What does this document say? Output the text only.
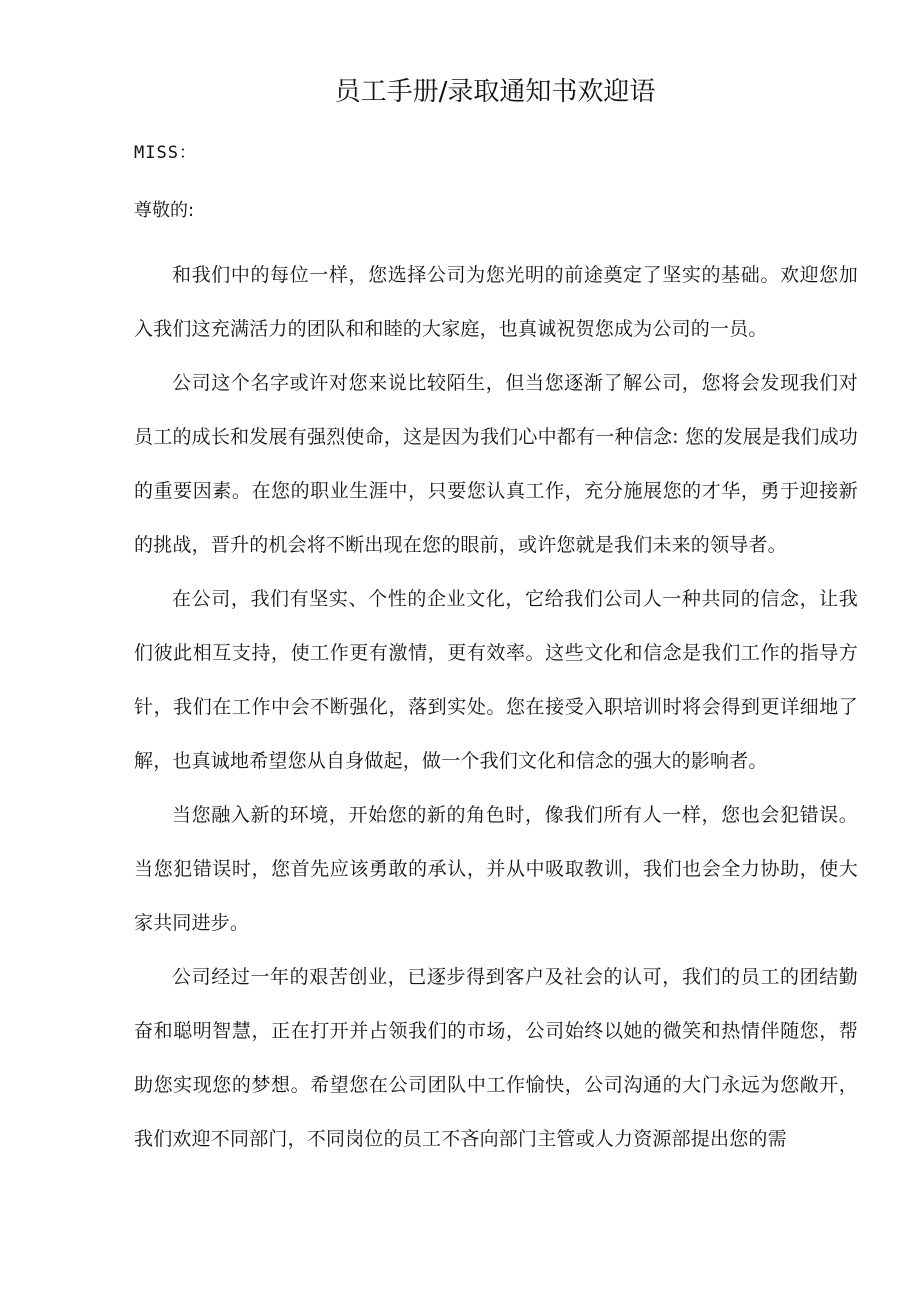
员工手册/录取通知书欢迎语

MISS：

尊敬的:

和我们中的每位一样，您选择公司为您光明的前途奠定了坚实的基础。欢迎您加入我们这充满活力的团队和和睦的大家庭，也真诚祝贺您成为公司的一员。

公司这个名字或许对您来说比较陌生，但当您逐渐了解公司，您将会发现我们对员工的成长和发展有强烈使命，这是因为我们心中都有一种信念: 您的发展是我们成功的重要因素。在您的职业生涯中，只要您认真工作，充分施展您的才华，勇于迎接新的挑战，晋升的机会将不断出现在您的眼前，或许您就是我们未来的领导者。

在公司，我们有坚实、个性的企业文化，它给我们公司人一种共同的信念，让我们彼此相互支持，使工作更有激情，更有效率。这些文化和信念是我们工作的指导方针，我们在工作中会不断强化，落到实处。您在接受入职培训时将会得到更详细地了解，也真诚地希望您从自身做起，做一个我们文化和信念的强大的影响者。

当您融入新的环境，开始您的新的角色时，像我们所有人一样，您也会犯错误。当您犯错误时，您首先应该勇敢的承认，并从中吸取教训，我们也会全力协助，使大家共同进步。

公司经过一年的艰苦创业，已逐步得到客户及社会的认可，我们的员工的团结勤奋和聪明智慧，正在打开并占领我们的市场，公司始终以她的微笑和热情伴随您，帮助您实现您的梦想。希望您在公司团队中工作愉快，公司沟通的大门永远为您敞开，我们欢迎不同部门，不同岗位的员工不吝向部门主管或人力资源部提出您的需
